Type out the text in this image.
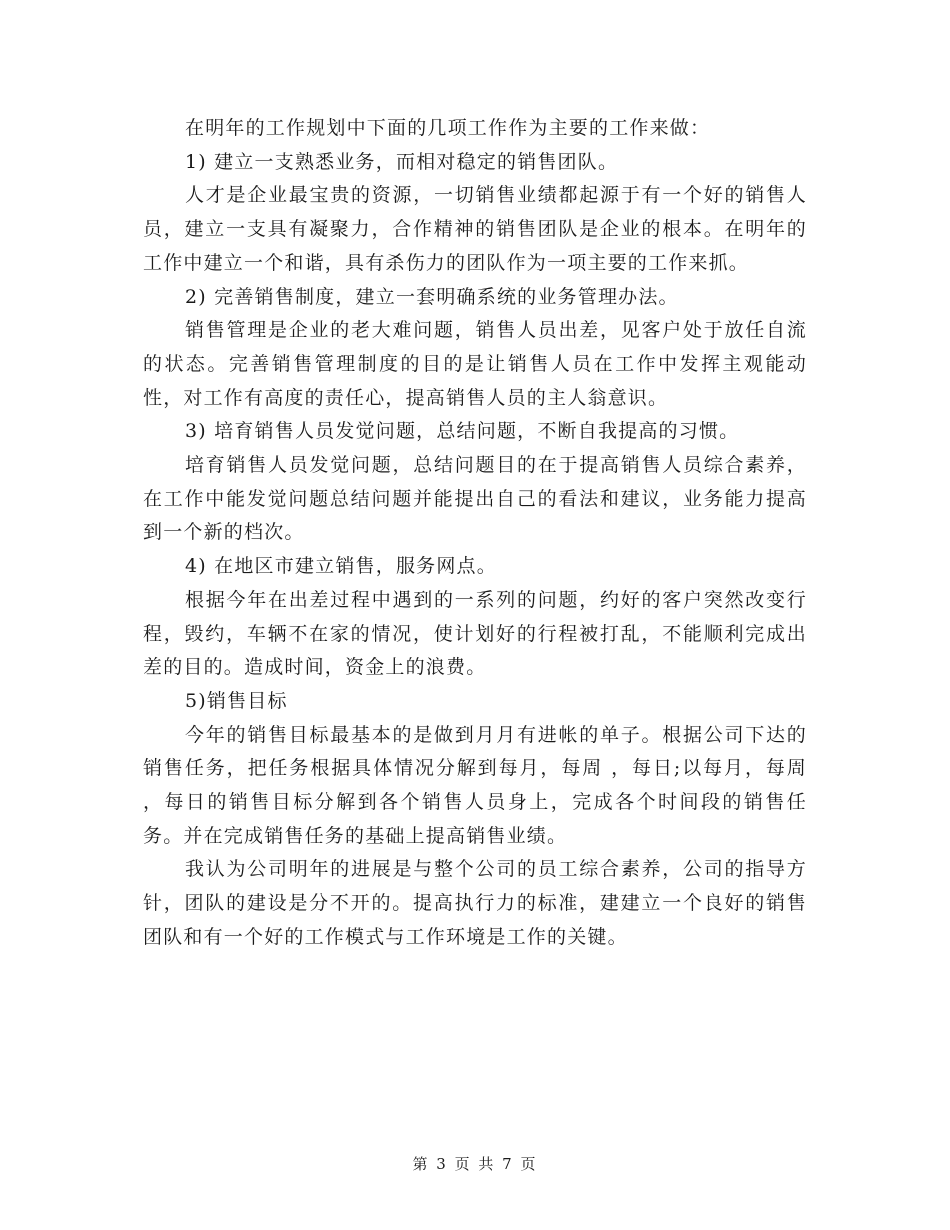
在明年的工作规划中下面的几项工作作为主要的工作来做：

1) 建立一支熟悉业务，而相对稳定的销售团队。

人才是企业最宝贵的资源，一切销售业绩都起源于有一个好的销售人员，建立一支具有凝聚力，合作精神的销售团队是企业的根本。在明年的工作中建立一个和谐，具有杀伤力的团队作为一项主要的工作来抓。

2) 完善销售制度，建立一套明确系统的业务管理办法。

销售管理是企业的老大难问题，销售人员出差，见客户处于放任自流的状态。完善销售管理制度的目的是让销售人员在工作中发挥主观能动性，对工作有高度的责任心，提高销售人员的主人翁意识。

3) 培育销售人员发觉问题，总结问题，不断自我提高的习惯。

培育销售人员发觉问题，总结问题目的在于提高销售人员综合素养，在工作中能发觉问题总结问题并能提出自己的看法和建议，业务能力提高到一个新的档次。

4) 在地区市建立销售，服务网点。

根据今年在出差过程中遇到的一系列的问题，约好的客户突然改变行程，毁约，车辆不在家的情况，使计划好的行程被打乱，不能顺利完成出差的目的。造成时间，资金上的浪费。

5)销售目标

今年的销售目标最基本的是做到月月有进帐的单子。根据公司下达的销售任务，把任务根据具体情况分解到每月，每周 ，每日;以每月，每周 ，每日的销售目标分解到各个销售人员身上，完成各个时间段的销售任务。并在完成销售任务的基础上提高销售业绩。

我认为公司明年的进展是与整个公司的员工综合素养，公司的指导方针，团队的建设是分不开的。提高执行力的标准，建建立一个良好的销售团队和有一个好的工作模式与工作环境是工作的关键。

第 3 页 共 7 页
